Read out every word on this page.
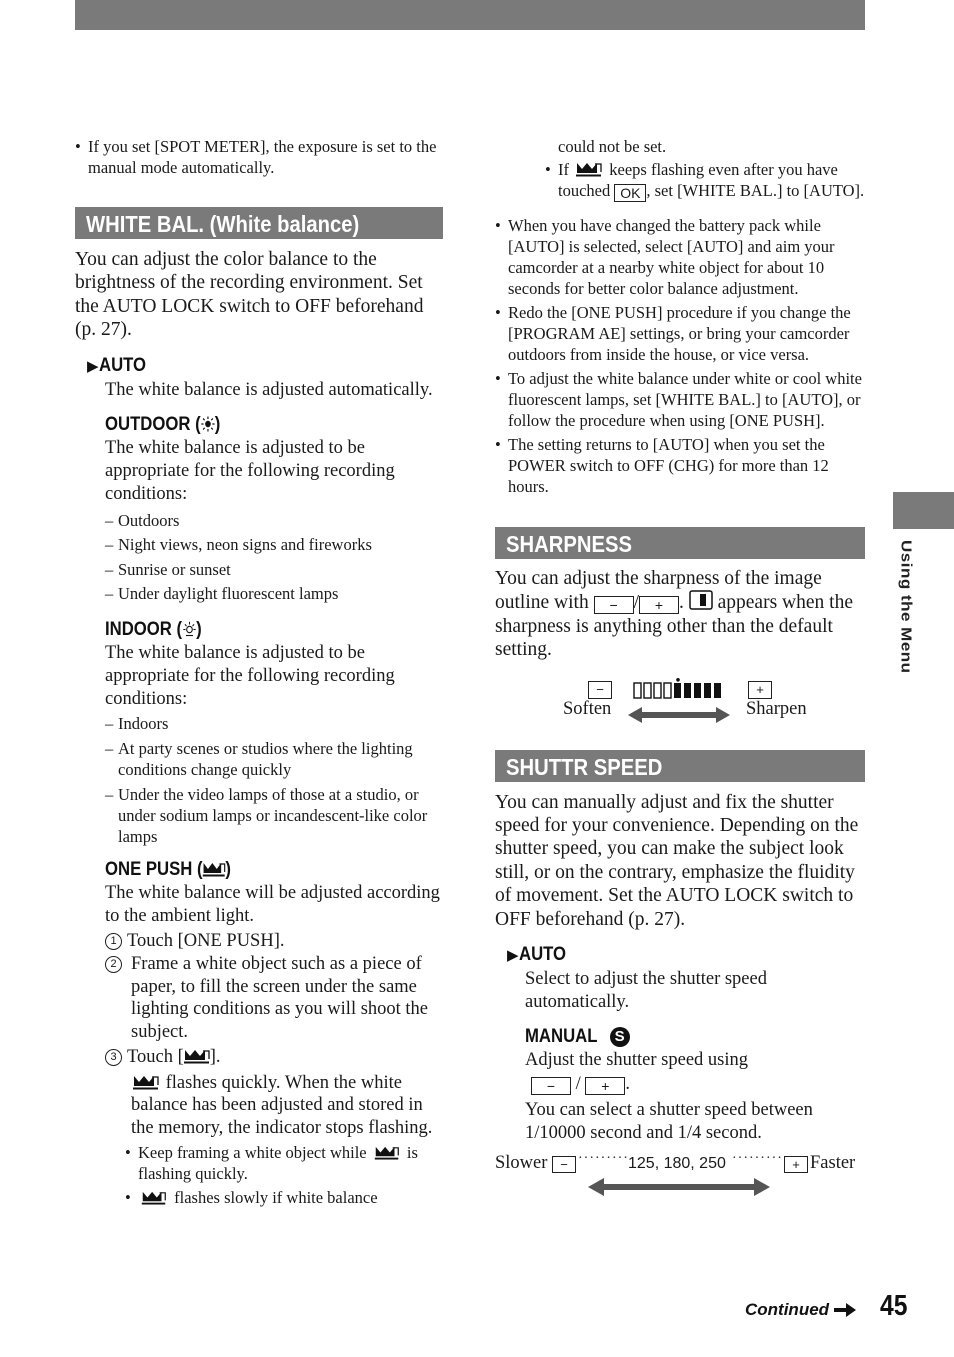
Using the Menu
• If you set [SPOT METER], the exposure is set to the manual mode automatically.
WHITE BAL. (White balance)
You can adjust the color balance to the brightness of the recording environment. Set the AUTO LOCK switch to OFF beforehand (p. 27).
▶AUTO
The white balance is adjusted automatically.
OUTDOOR ( )
The white balance is adjusted to be appropriate for the following recording conditions:
– Outdoors
– Night views, neon signs and fireworks
– Sunrise or sunset
– Under daylight fluorescent lamps
INDOOR ( )
The white balance is adjusted to be appropriate for the following recording conditions:
– Indoors
– At party scenes or studios where the lighting conditions change quickly
– Under the video lamps of those at a studio, or under sodium lamps or incandescent-like color lamps
ONE PUSH ( )
The white balance will be adjusted according to the ambient light.
1 Touch [ONE PUSH].
2 Frame a white object such as a piece of paper, to fill the screen under the same lighting conditions as you will shoot the subject.
3 Touch [ ].
flashes quickly. When the white balance has been adjusted and stored in the memory, the indicator stops flashing.
• Keep framing a white object while is flashing quickly.
• flashes slowly if white balance
could not be set.
• If keeps flashing even after you have touched OK , set [WHITE BAL.] to [AUTO].
• When you have changed the battery pack while [AUTO] is selected, select [AUTO] and aim your camcorder at a nearby white object for about 10 seconds for better color balance adjustment.
• Redo the [ONE PUSH] procedure if you change the [PROGRAM AE] settings, or bring your camcorder outdoors from inside the house, or vice versa.
• To adjust the white balance under white or cool white fluorescent lamps, set [WHITE BAL.] to [AUTO], or follow the procedure when using [ONE PUSH].
• The setting returns to [AUTO] when you set the POWER switch to OFF (CHG) for more than 12 hours.
SHARPNESS
You can adjust the sharpness of the image outline with − / + .  appears when the sharpness is anything other than the default setting.
−	+
Soften	Sharpen
SHUTTR SPEED
You can manually adjust and fix the shutter speed for your convenience. Depending on the shutter speed, you can make the subject look still, or on the contrary, emphasize the fluidity of movement. Set the AUTO LOCK switch to OFF beforehand (p. 27).
▶AUTO
Select to adjust the shutter speed automatically.
MANUAL S
Adjust the shutter speed using
− / + .
You can select a shutter speed between 1/10000 second and 1/4 second.
Slower − ········· 125, 180, 250 ········· + Faster
Continued	45
